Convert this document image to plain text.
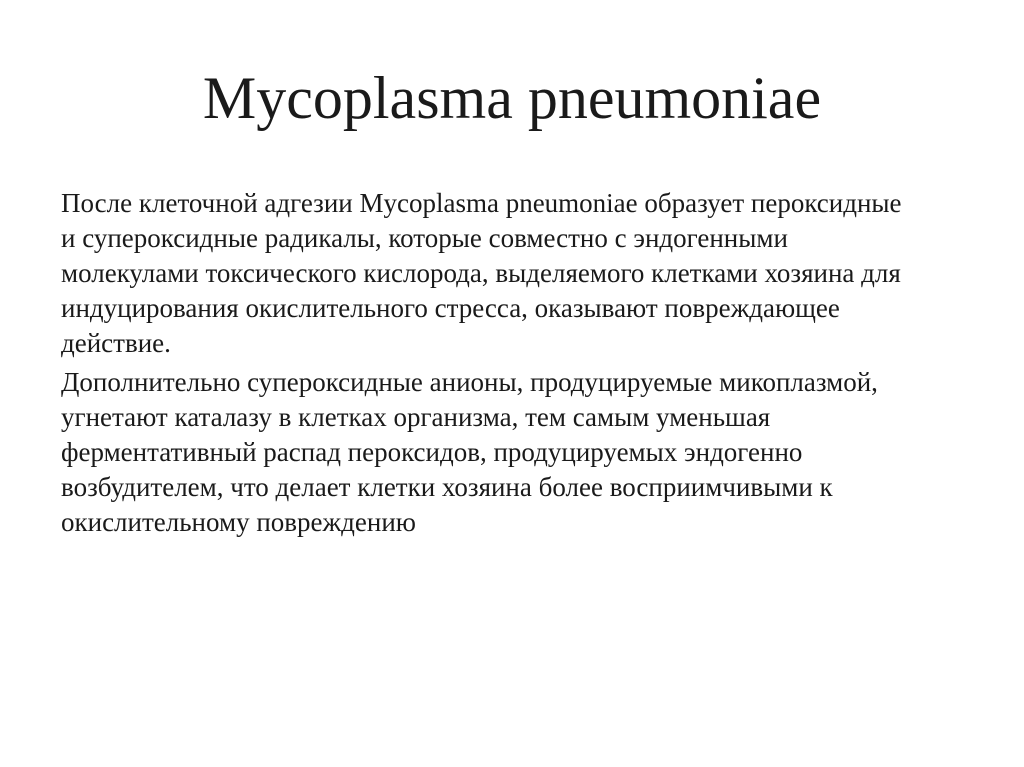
Mycoplasma pneumoniae

После клеточной адгезии Mycoplasma pneumoniae образует пероксидные
и супероксидные радикалы, которые совместно с эндогенными
молекулами токсического кислорода, выделяемого клетками хозяина для
индуцирования окислительного стресса, оказывают повреждающее
действие.

Дополнительно супероксидные анионы, продуцируемые микоплазмой,
угнетают каталазу в клетках организма, тем самым уменьшая
ферментативный распад пероксидов, продуцируемых эндогенно
возбудителем, что делает клетки хозяина более восприимчивыми к
окислительному повреждению
